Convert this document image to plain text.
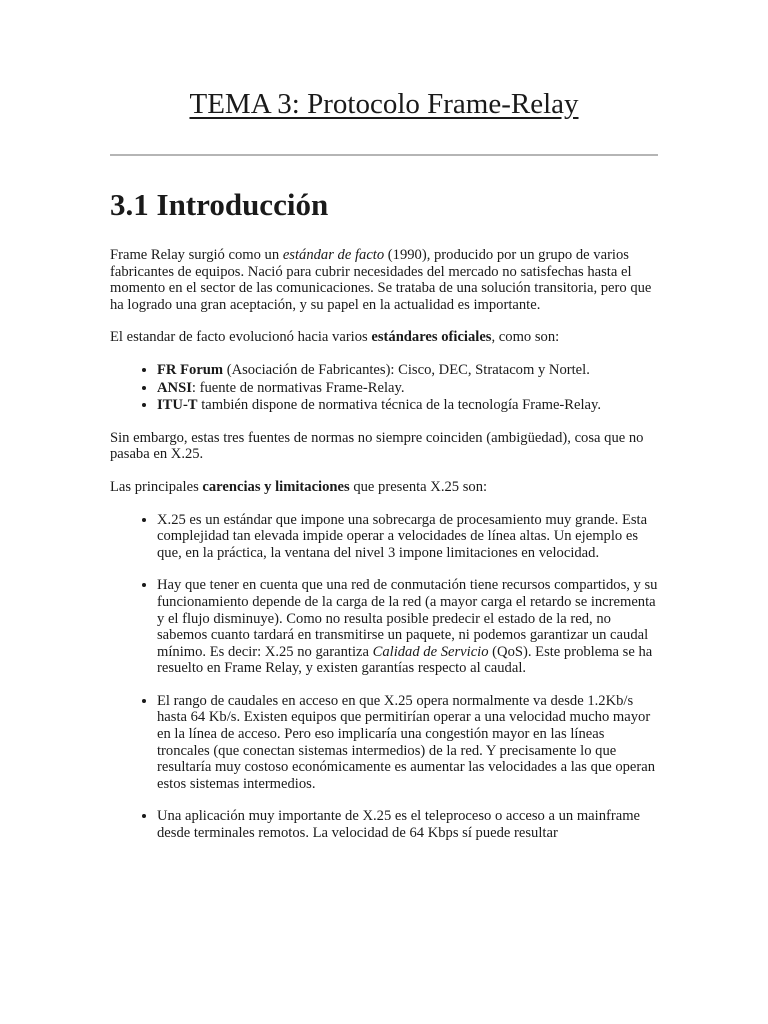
TEMA 3: Protocolo Frame-Relay
3.1 Introducción

Frame Relay surgió como un estándar de facto (1990), producido por un grupo de varios fabricantes de equipos. Nació para cubrir necesidades del mercado no satisfechas hasta el momento en el sector de las comunicaciones. Se trataba de una solución transitoria, pero que ha logrado una gran aceptación, y su papel en la actualidad es importante.

El estandar de facto evolucionó hacia varios estándares oficiales, como son:

• FR Forum (Asociación de Fabricantes): Cisco, DEC, Stratacom y Nortel.
• ANSI: fuente de normativas Frame-Relay.
• ITU-T también dispone de normativa técnica de la tecnología Frame-Relay.

Sin embargo, estas tres fuentes de normas no siempre coinciden (ambigüedad), cosa que no pasaba en X.25.

Las principales carencias y limitaciones que presenta X.25 son:

• X.25 es un estándar que impone una sobrecarga de procesamiento muy grande. Esta complejidad tan elevada impide operar a velocidades de línea altas. Un ejemplo es que, en la práctica, la ventana del nivel 3 impone limitaciones en velocidad.
• Hay que tener en cuenta que una red de conmutación tiene recursos compartidos, y su funcionamiento depende de la carga de la red (a mayor carga el retardo se incrementa y el flujo disminuye). Como no resulta posible predecir el estado de la red, no sabemos cuanto tardará en transmitirse un paquete, ni podemos garantizar un caudal mínimo. Es decir: X.25 no garantiza Calidad de Servicio (QoS). Este problema se ha resuelto en Frame Relay, y existen garantías respecto al caudal.
• El rango de caudales en acceso en que X.25 opera normalmente va desde 1.2Kb/s hasta 64 Kb/s. Existen equipos que permitirían operar a una velocidad mucho mayor en la línea de acceso. Pero eso implicaría una congestión mayor en las líneas troncales (que conectan sistemas intermedios) de la red. Y precisamente lo que resultaría muy costoso económicamente es aumentar las velocidades a las que operan estos sistemas intermedios.
• Una aplicación muy importante de X.25 es el teleproceso o acceso a un mainframe desde terminales remotos. La velocidad de 64 Kbps sí puede resultar
